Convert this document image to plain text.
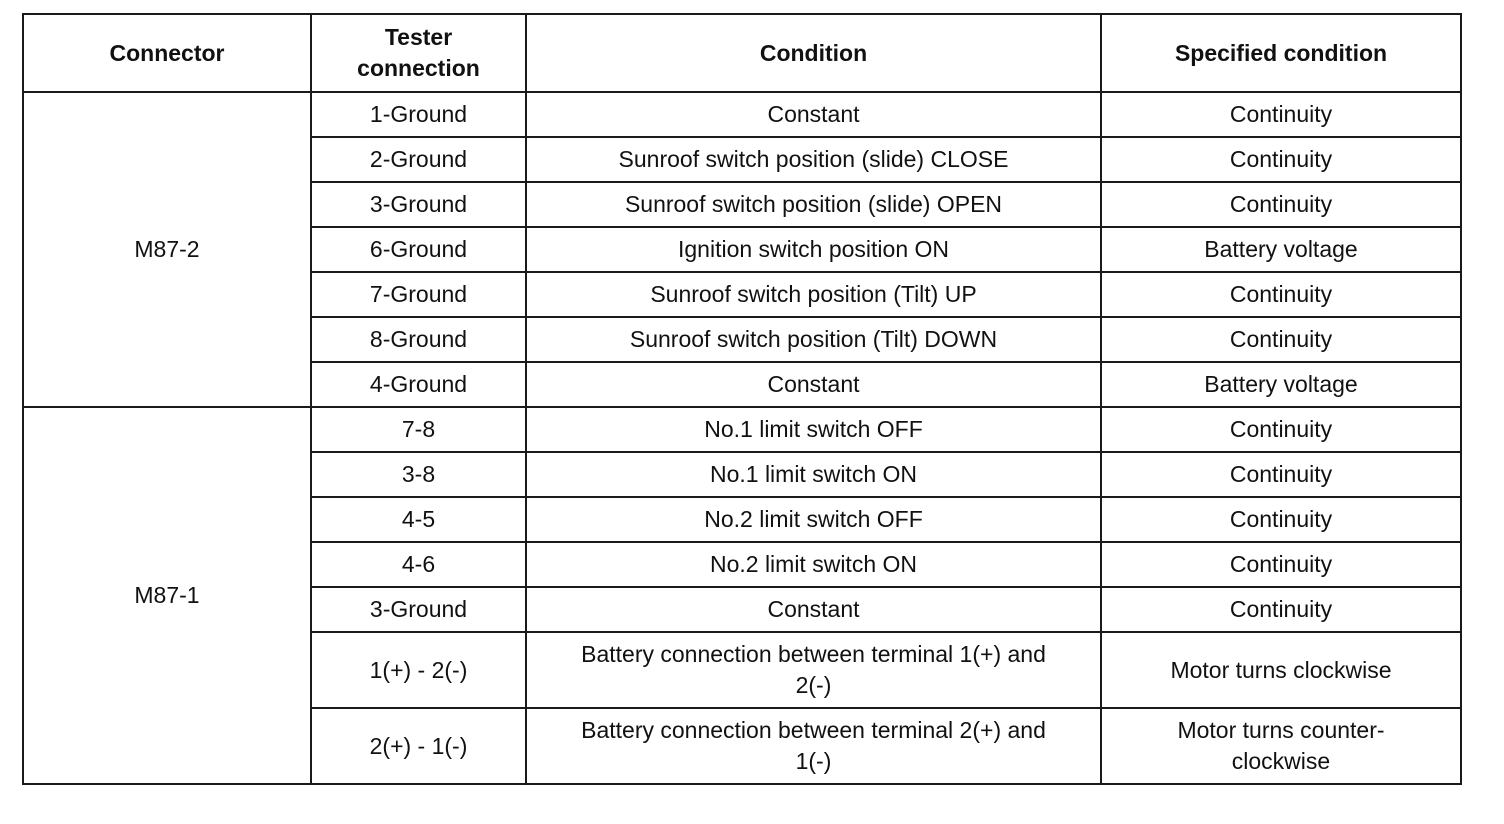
Connector	Tester connection	Condition	Specified condition
M87-2	1-Ground	Constant	Continuity
	2-Ground	Sunroof switch position (slide) CLOSE	Continuity
	3-Ground	Sunroof switch position (slide) OPEN	Continuity
	6-Ground	Ignition switch position ON	Battery voltage
	7-Ground	Sunroof switch position (Tilt) UP	Continuity
	8-Ground	Sunroof switch position (Tilt) DOWN	Continuity
	4-Ground	Constant	Battery voltage
M87-1	7-8	No.1 limit switch OFF	Continuity
	3-8	No.1 limit switch ON	Continuity
	4-5	No.2 limit switch OFF	Continuity
	4-6	No.2 limit switch ON	Continuity
	3-Ground	Constant	Continuity
	1(+) - 2(-)	Battery connection between terminal 1(+) and 2(-)	Motor turns clockwise
	2(+) - 1(-)	Battery connection between terminal 2(+) and 1(-)	Motor turns counter-clockwise
